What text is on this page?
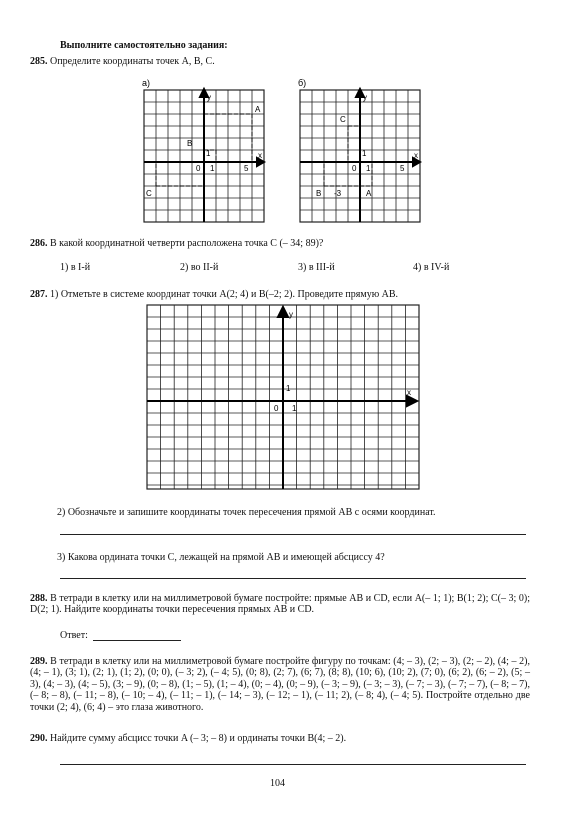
Выполните самостоятельно задания:
285. Определите координаты точек A, B, C.
а)
y
x
0 1
1
5
A
B
C
б)
y
x
0 1
1
5
C
B -3	A
286. В какой координатной четверти расположена точка C (– 34; 89)?
1) в I-й	2) во II-й	3) в III-й	4) в IV-й
287. 1) Отметьте в системе координат точки A(2; 4) и B(–2; 2). Проведите прямую AB.
y
x
0 1
1
2) Обозначьте и запишите координаты точек пересечения прямой AB с осями координат.
3) Какова ордината точки C, лежащей на прямой AB и имеющей абсциссу 4?
288. В тетради в клетку или на миллиметровой бумаге постройте: прямые AB и CD, если A(– 1; 1); B(1; 2); C(– 3; 0); D(2; 1). Найдите координаты точки пересечения прямых AB и CD.
Ответ:
289. В тетради в клетку или на миллиметровой бумаге постройте фигуру по точкам: (4; – 3), (2; – 3), (2; – 2), (4; – 2), (4; – 1), (3; 1), (2; 1), (1; 2), (0; 0), (– 3; 2), (– 4; 5), (0; 8), (2; 7), (6; 7), (8; 8), (10; 6), (10; 2), (7; 0), (6; 2), (6; – 2), (5; – 3), (4; – 3), (4; – 5), (3; – 9), (0; – 8), (1; – 5), (1; – 4), (0; – 4), (0; – 9), (– 3; – 9), (– 3; – 3), (– 7; – 3), (– 7; – 7), (– 8; – 7), (– 8; – 8), (– 11; – 8), (– 10; – 4), (– 11; – 1), (– 14; – 3), (– 12; – 1), (– 11; 2), (– 8; 4), (– 4; 5). Постройте отдельно две точки (2; 4), (6; 4) – это глаза животного.
290. Найдите сумму абсцисс точки A (– 3; – 8) и ординаты точки B(4; – 2).
104
